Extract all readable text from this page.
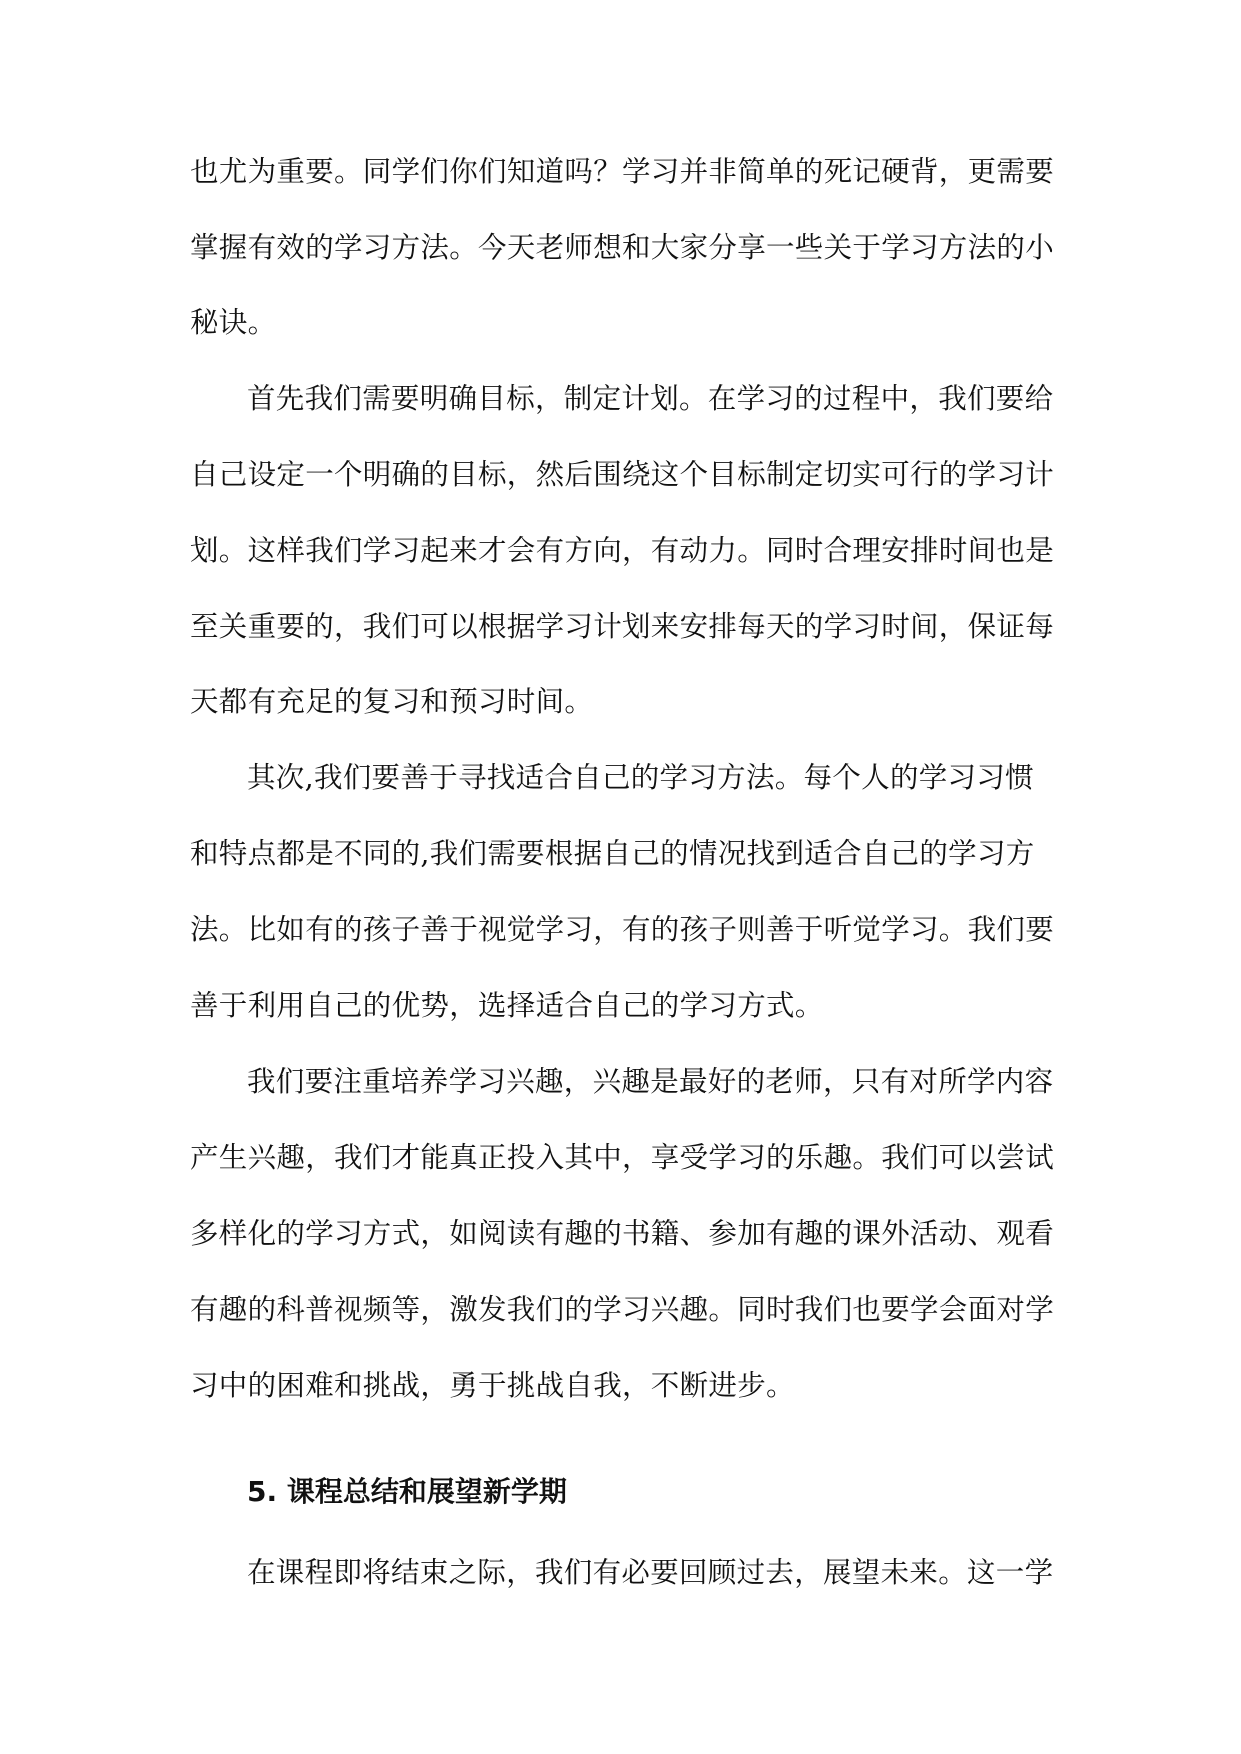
也尤为重要。同学们你们知道吗？学习并非简单的死记硬背，更需要
掌握有效的学习方法。今天老师想和大家分享一些关于学习方法的小
秘诀。
首先我们需要明确目标，制定计划。在学习的过程中，我们要给
自己设定一个明确的目标，然后围绕这个目标制定切实可行的学习计
划。这样我们学习起来才会有方向，有动力。同时合理安排时间也是
至关重要的，我们可以根据学习计划来安排每天的学习时间，保证每
天都有充足的复习和预习时间。
其次,我们要善于寻找适合自己的学习方法。每个人的学习习惯
和特点都是不同的,我们需要根据自己的情况找到适合自己的学习方
法。比如有的孩子善于视觉学习，有的孩子则善于听觉学习。我们要
善于利用自己的优势，选择适合自己的学习方式。
我们要注重培养学习兴趣，兴趣是最好的老师，只有对所学内容
产生兴趣，我们才能真正投入其中，享受学习的乐趣。我们可以尝试
多样化的学习方式，如阅读有趣的书籍、参加有趣的课外活动、观看
有趣的科普视频等，激发我们的学习兴趣。同时我们也要学会面对学
习中的困难和挑战，勇于挑战自我，不断进步。
5. 课程总结和展望新学期
在课程即将结束之际，我们有必要回顾过去，展望未来。这一学
